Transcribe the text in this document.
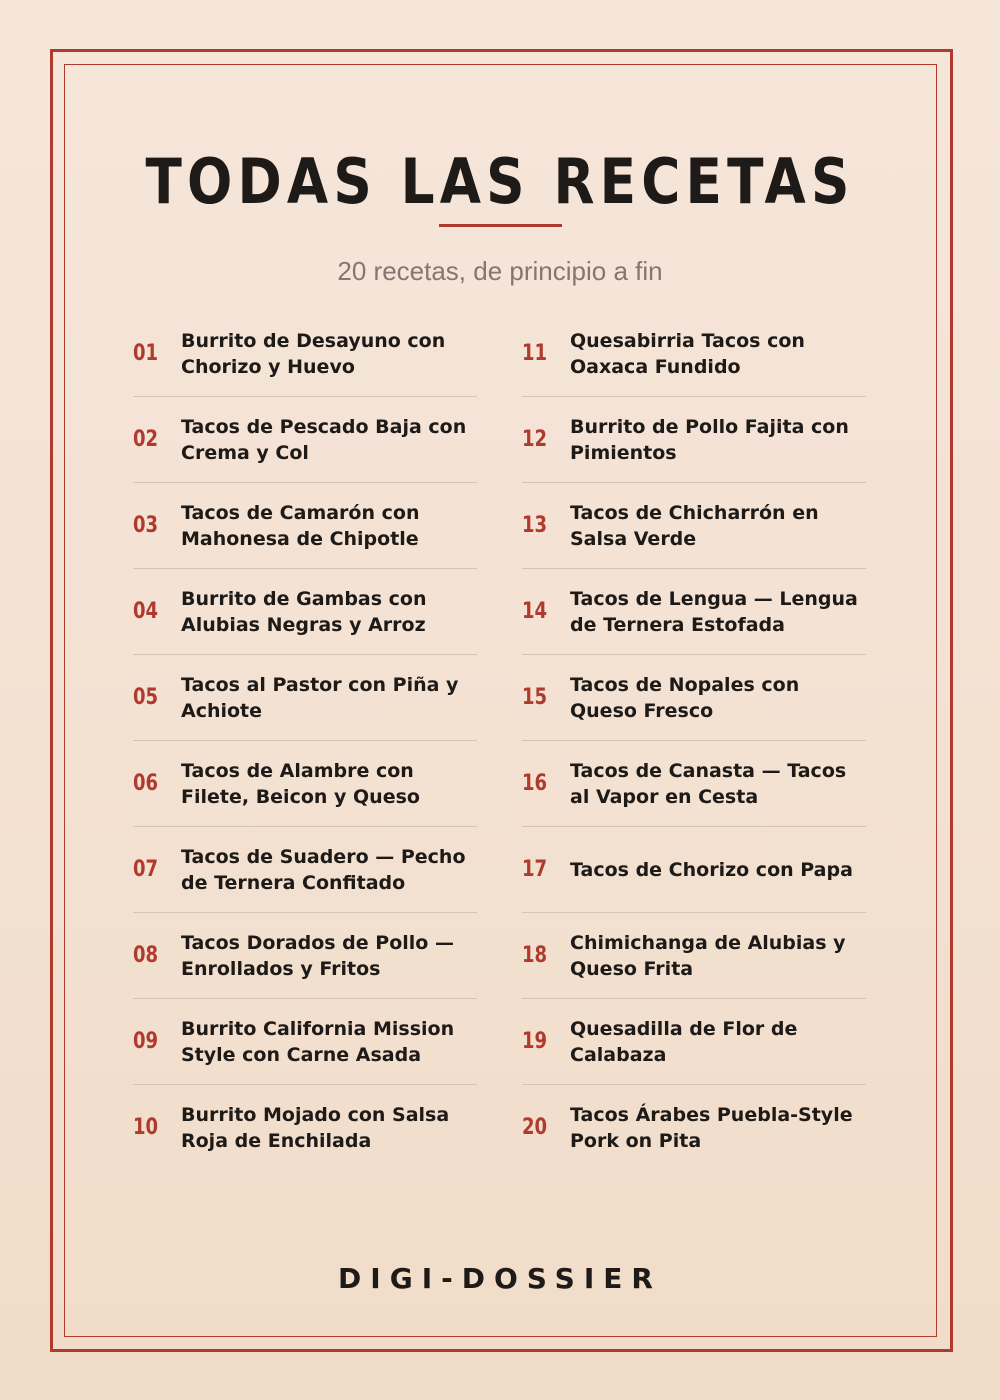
TODAS LAS RECETAS
20 recetas, de principio a fin
01
Burrito de Desayuno con Chorizo y Huevo
02
Tacos de Pescado Baja con Crema y Col
03
Tacos de Camarón con Mahonesa de Chipotle
04
Burrito de Gambas con Alubias Negras y Arroz
05
Tacos al Pastor con Piña y Achiote
06
Tacos de Alambre con Filete, Beicon y Queso
07
Tacos de Suadero — Pecho de Ternera Confitado
08
Tacos Dorados de Pollo — Enrollados y Fritos
09
Burrito California Mission Style con Carne Asada
10
Burrito Mojado con Salsa Roja de Enchilada
11
Quesabirria Tacos con Oaxaca Fundido
12
Burrito de Pollo Fajita con Pimientos
13
Tacos de Chicharrón en Salsa Verde
14
Tacos de Lengua — Lengua de Ternera Estofada
15
Tacos de Nopales con Queso Fresco
16
Tacos de Canasta — Tacos al Vapor en Cesta
17 Tacos de Chorizo con Papa
18
Chimichanga de Alubias y Queso Frita
19
Quesadilla de Flor de Calabaza
20
Tacos Árabes Puebla-Style Pork on Pita
DIGI-DOSSIER
